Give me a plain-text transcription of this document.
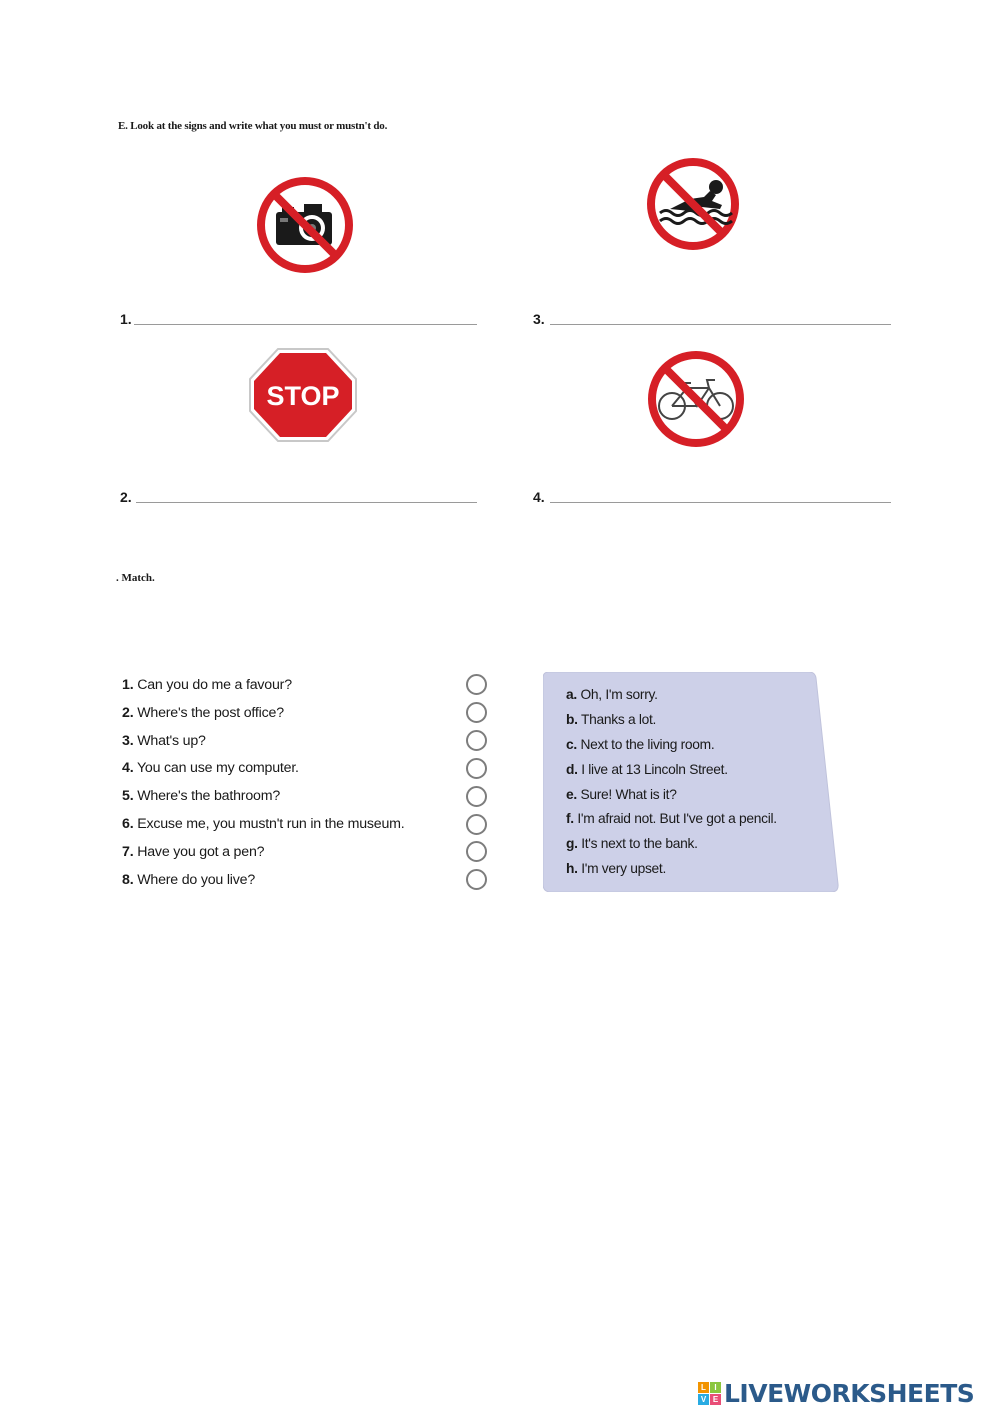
E. Look at the signs and write what you must or mustn't do.
1.	3.
STOP
2.	4.
. Match.
1. Can you do me a favour?
2. Where's the post office?
3. What's up?
4. You can use my computer.
5. Where's the bathroom?
6. Excuse me, you mustn't run in the museum.
7. Have you got a pen?
8. Where do you live?
a. Oh, I'm sorry.
b. Thanks a lot.
c. Next to the living room.
d. I live at 13 Lincoln Street.
e. Sure! What is it?
f. I'm afraid not. But I've got a pencil.
g. It's next to the bank.
h. I'm very upset.
L	I
V E LIVEWORKSHEETS
